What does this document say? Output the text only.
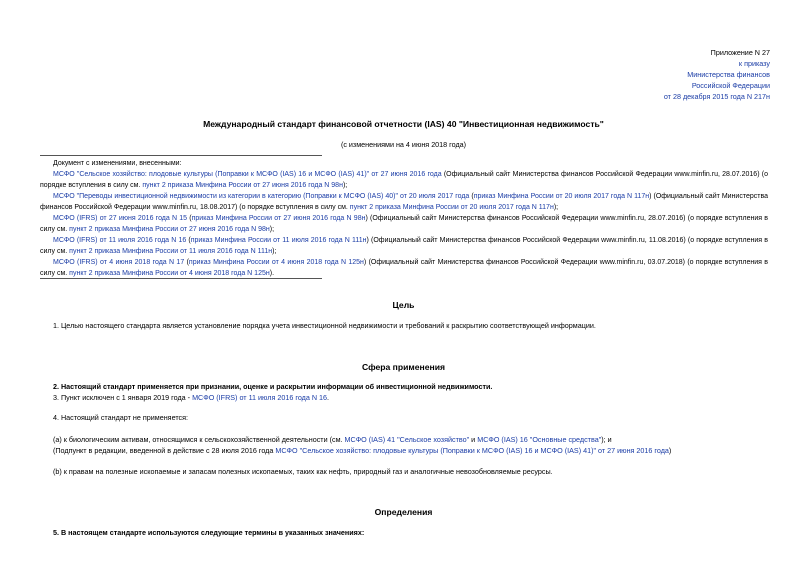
Приложение N 27
к приказу
Министерства финансов
Российской Федерации
от 28 декабря 2015 года N 217н
Международный стандарт финансовой отчетности (IAS) 40 "Инвестиционная недвижимость"
(с изменениями на 4 июня 2018 года)

Документ с изменениями, внесенными:

МСФО "Сельское хозяйство: плодовые культуры (Поправки к МСФО (IAS) 16 и МСФО (IAS) 41)" от 27 июня 2016 года (Официальный сайт Министерства финансов Российской Федерации www.minfin.ru, 28.07.2016) (о порядке вступления в силу см. пункт 2 приказа Минфина России от 27 июня 2016 года N 98н);

МСФО "Переводы инвестиционной недвижимости из категории в категорию (Поправки к МСФО (IAS) 40)" от 20 июля 2017 года (приказ Минфина России от 20 июля 2017 года N 117н) (Официальный сайт Министерства финансов Российской Федерации www.minfin.ru, 18.08.2017) (о порядке вступления в силу см. пункт 2 приказа Минфина России от 20 июля 2017 года N 117н);

МСФО (IFRS) от 27 июня 2016 года N 15 (приказ Минфина России от 27 июня 2016 года N 98н) (Официальный сайт Министерства финансов Российской Федерации www.minfin.ru, 28.07.2016) (о порядке вступления в силу см. пункт 2 приказа Минфина России от 27 июня 2016 года N 98н);

МСФО (IFRS) от 11 июля 2016 года N 16 (приказ Минфина России от 11 июля 2016 года N 111н) (Официальный сайт Министерства финансов Российской Федерации www.minfin.ru, 11.08.2016) (о порядке вступления в силу см. пункт 2 приказа Минфина России от 11 июля 2016 года N 111н);

МСФО (IFRS) от 4 июня 2018 года N 17 (приказ Минфина России от 4 июня 2018 года N 125н) (Официальный сайт Министерства финансов Российской Федерации www.minfin.ru, 03.07.2018) (о порядке вступления в силу см. пункт 2 приказа Минфина России от 4 июня 2018 года N 125н).

Цель
1. Целью настоящего стандарта является установление порядка учета инвестиционной недвижимости и требований к раскрытию соответствующей информации.
Сфера применения
2. Настоящий стандарт применяется при признании, оценке и раскрытии информации об инвестиционной недвижимости.
3. Пункт исключен с 1 января 2019 года - МСФО (IFRS) от 11 июля 2016 года N 16.
4. Настоящий стандарт не применяется:
(a) к биологическим активам, относящимся к сельскохозяйственной деятельности (см. МСФО (IAS) 41 "Сельское хозяйство" и МСФО (IAS) 16 "Основные средства"); и
(Подпункт в редакции, введенной в действие с 28 июля 2016 года МСФО "Сельское хозяйство: плодовые культуры (Поправки к МСФО (IAS) 16 и МСФО (IAS) 41)" от 27 июня 2016 года)
(b) к правам на полезные ископаемые и запасам полезных ископаемых, таких как нефть, природный газ и аналогичные невозобновляемые ресурсы.
Определения
5. В настоящем стандарте используются следующие термины в указанных значениях:
